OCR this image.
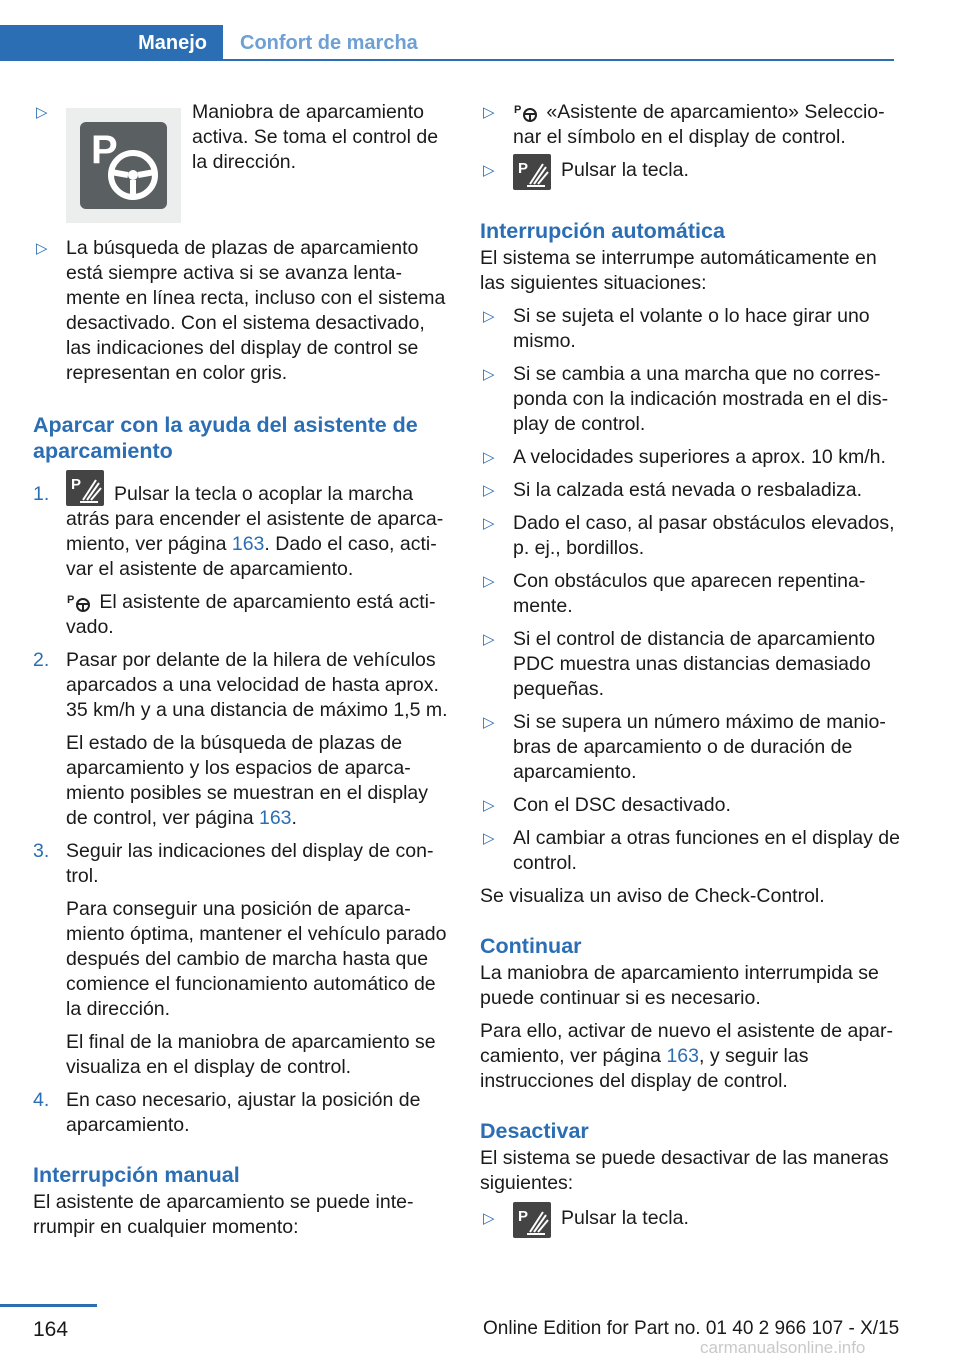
Manejo	Confort de marcha
▷
P

Maniobra de aparcamiento activa. Se toma el control de la dirección.

▷ La búsqueda de plazas de aparcamiento está siempre activa si se avanza lentamente en línea recta, incluso con el sistema desactivado. Con el sistema desactivado, las indicaciones del display de control se representan en color gris.

Aparcar con la ayuda del asistente de aparcamiento
1. P Pulsar la tecla o acoplar la marcha atrás para encender el asistente de aparcamiento, ver página 163. Dado el caso, activar el asistente de aparcamiento.

P El asistente de aparcamiento está activado.

2. Pasar por delante de la hilera de vehículos aparcados a una velocidad de hasta aprox. 35 km/h y a una distancia de máximo 1,5 m.

El estado de la búsqueda de plazas de aparcamiento y los espacios de aparcamiento posibles se muestran en el display de control, ver página 163.

3. Seguir las indicaciones del display de control.

Para conseguir una posición de aparcamiento óptima, mantener el vehículo parado después del cambio de marcha hasta que comience el funcionamiento automático de la dirección.

El final de la maniobra de aparcamiento se visualiza en el display de control.

4. En caso necesario, ajustar la posición de aparcamiento.

Interrupción manual

El asistente de aparcamiento se puede interrumpir en cualquier momento:

▷ P «Asistente de aparcamiento» Seleccionar el símbolo en el display de control.

▷ P Pulsar la tecla.

Interrupción automática

El sistema se interrumpe automáticamente en las siguientes situaciones:

▷ Si se sujeta el volante o lo hace girar uno mismo.

▷ Si se cambia a una marcha que no corresponda con la indicación mostrada en el display de control.

▷ A velocidades superiores a aprox. 10 km/h.

▷ Si la calzada está nevada o resbaladiza.

▷ Dado el caso, al pasar obstáculos elevados, p. ej., bordillos.

▷ Con obstáculos que aparecen repentinamente.

▷ Si el control de distancia de aparcamiento PDC muestra unas distancias demasiado pequeñas.

▷ Si se supera un número máximo de maniobras de aparcamiento o de duración de aparcamiento.

▷ Con el DSC desactivado.

▷ Al cambiar a otras funciones en el display de control.

Se visualiza un aviso de Check-Control.

Continuar

La maniobra de aparcamiento interrumpida se puede continuar si es necesario.

Para ello, activar de nuevo el asistente de aparcamiento, ver página 163, y seguir las instrucciones del display de control.

Desactivar

El sistema se puede desactivar de las maneras siguientes:

▷ P Pulsar la tecla.

164	Online Edition for Part no. 01 40 2 966 107 - X/15
carmanualsonline.info
